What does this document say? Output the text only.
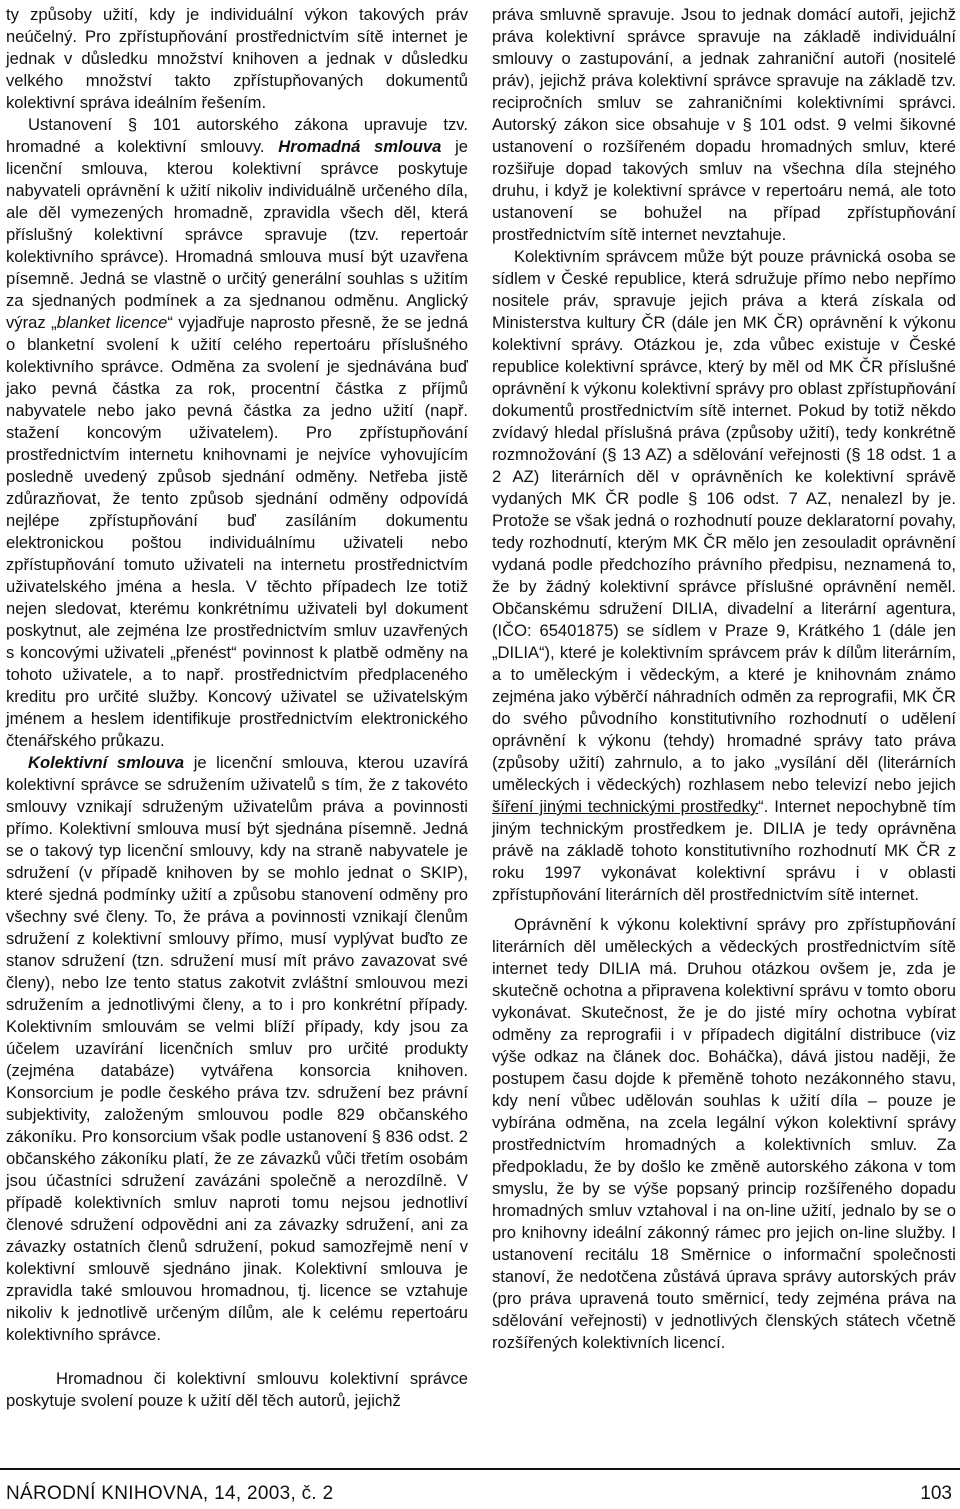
ty způsoby užití, kdy je individuální výkon takových práv neúčelný. Pro zpřístupňování prostřednictvím sítě internet je jednak v důsledku množství knihoven a jednak v důsledku velkého množství takto zpřístupňovaných dokumentů kolektivní správa ideálním řešením.

Ustanovení § 101 autorského zákona upravuje tzv. hromadné a kolektivní smlouvy. Hromadná smlouva je licenční smlouva, kterou kolektivní správce poskytuje nabyvateli oprávnění k užití nikoliv individuálně určeného díla, ale děl vymezených hromadně, zpravidla všech děl, která příslušný kolektivní správce spravuje (tzv. repertoár kolektivního správce). Hromadná smlouva musí být uzavřena písemně. Jedná se vlastně o určitý generální souhlas s užitím za sjednaných podmínek a za sjednanou odměnu. Anglický výraz „blanket licence“ vyjadřuje naprosto přesně, že se jedná o blanketní svolení k užití celého repertoáru příslušného kolektivního správce. Odměna za svolení je sjednávána buď jako pevná částka za rok, procentní částka z příjmů nabyvatele nebo jako pevná částka za jedno užití (např. stažení koncovým uživatelem). Pro zpřístupňování prostřednictvím internetu knihovnami je nejvíce vyhovujícím posledně uvedený způsob sjednání odměny. Netřeba jistě zdůrazňovat, že tento způsob sjednání odměny odpovídá nejlépe zpřístupňování buď zasíláním dokumentu elektronickou poštou individuálnímu uživateli nebo zpřístupňování tomuto uživateli na internetu prostřednictvím uživatelského jména a hesla. V těchto případech lze totiž nejen sledovat, kterému konkrétnímu uživateli byl dokument poskytnut, ale zejména lze prostřednictvím smluv uzavřených s koncovými uživateli „přenést“ povinnost k platbě odměny na tohoto uživatele, a to např. prostřednictvím předplaceného kreditu pro určité služby. Koncový uživatel se uživatelským jménem a heslem identifikuje prostřednictvím elektronického čtenářského průkazu.

Kolektivní smlouva je licenční smlouva, kterou uzavírá kolektivní správce se sdružením uživatelů s tím, že z takovéto smlouvy vznikají sdruženým uživatelům práva a povinnosti přímo. Kolektivní smlouva musí být sjednána písemně. Jedná se o takový typ licenční smlouvy, kdy na straně nabyvatele je sdružení (v případě knihoven by se mohlo jednat o SKIP), které sjedná podmínky užití a způsobu stanovení odměny pro všechny své členy. To, že práva a povinnosti vznikají členům sdružení z kolektivní smlouvy přímo, musí vyplývat buďto ze stanov sdružení (tzn. sdružení musí mít právo zavazovat své členy), nebo lze tento status zakotvit zvláštní smlouvou mezi sdružením a jednotlivými členy, a to i pro konkrétní případy. Kolektivním smlouvám se velmi blíží případy, kdy jsou za účelem uzavírání licenčních smluv pro určité produkty (zejména databáze) vytvářena konsorcia knihoven. Konsorcium je podle českého práva tzv. sdružení bez právní subjektivity, založeným smlouvou podle 829 občanského zákoníku. Pro konsorcium však podle ustanovení § 836 odst. 2 občanského zákoníku platí, že ze závazků vůči třetím osobám jsou účastníci sdružení zavázáni společně a nerozdílně. V případě kolektivních smluv naproti tomu nejsou jednotliví členové sdružení odpovědni ani za závazky sdružení, ani za závazky ostatních členů sdružení, pokud samozřejmě není v kolektivní smlouvě sjednáno jinak. Kolektivní smlouva je zpravidla také smlouvou hromadnou, tj. licence se vztahuje nikoliv k jednotlivě určeným dílům, ale k celému repertoáru kolektivního správce.

Hromadnou či kolektivní smlouvu kolektivní správce poskytuje svolení pouze k užití děl těch autorů, jejichž

práva smluvně spravuje. Jsou to jednak domácí autoři, jejichž práva kolektivní správce spravuje na základě individuální smlouvy o zastupování, a jednak zahraniční autoři (nositelé práv), jejichž práva kolektivní správce spravuje na základě tzv. recipročních smluv se zahraničními kolektivními správci. Autorský zákon sice obsahuje v § 101 odst. 9 velmi šikovné ustanovení o rozšířeném dopadu hromadných smluv, které rozšiřuje dopad takových smluv na všechna díla stejného druhu, i když je kolektivní správce v repertoáru nemá, ale toto ustanovení se bohužel na případ zpřístupňování prostřednictvím sítě internet nevztahuje.

Kolektivním správcem může být pouze právnická osoba se sídlem v České republice, která sdružuje přímo nebo nepřímo nositele práv, spravuje jejich práva a která získala od Ministerstva kultury ČR (dále jen MK ČR) oprávnění k výkonu kolektivní správy. Otázkou je, zda vůbec existuje v České republice kolektivní správce, který by měl od MK ČR příslušné oprávnění k výkonu kolektivní správy pro oblast zpřístupňování dokumentů prostřednictvím sítě internet. Pokud by totiž někdo zvídavý hledal příslušná práva (způsoby užití), tedy konkrétně rozmnožování (§ 13 AZ) a sdělování veřejnosti (§ 18 odst. 1 a 2 AZ) literárních děl v oprávněních ke kolektivní správě vydaných MK ČR podle § 106 odst. 7 AZ, nenalezl by je. Protože se však jedná o rozhodnutí pouze deklaratorní povahy, tedy rozhodnutí, kterým MK ČR mělo jen zesouladit oprávnění vydaná podle předchozího právního předpisu, neznamená to, že by žádný kolektivní správce příslušné oprávnění neměl. Občanskému sdružení DILIA, divadelní a literární agentura, (IČO: 65401875) se sídlem v Praze 9, Krátkého 1 (dále jen „DILIA“), které je kolektivním správcem práv k dílům literárním, a to uměleckým i vědeckým, a které je knihovnám známo zejména jako výběrčí náhradních odměn za reprografii, MK ČR do svého původního konstitutivního rozhodnutí o udělení oprávnění k výkonu (tehdy) hromadné správy tato práva (způsoby užití) zahrnulo, a to jako „vysílání děl (literárních uměleckých i vědeckých) rozhlasem nebo televizí nebo jejich šíření jinými technickými prostředky“. Internet nepochybně tím jiným technickým prostředkem je. DILIA je tedy oprávněna právě na základě tohoto konstitutivního rozhodnutí MK ČR z roku 1997 vykonávat kolektivní správu i v oblasti zpřístupňování literárních děl prostřednictvím sítě internet.

Oprávnění k výkonu kolektivní správy pro zpřístupňování literárních děl uměleckých a vědeckých prostřednictvím sítě internet tedy DILIA má. Druhou otázkou ovšem je, zda je skutečně ochotna a připravena kolektivní správu v tomto oboru vykonávat. Skutečnost, že je do jisté míry ochotna vybírat odměny za reprografii i v případech digitální distribuce (viz výše odkaz na článek doc. Boháčka), dává jistou naději, že postupem času dojde k přeměně tohoto nezákonného stavu, kdy není vůbec udělován souhlas k užití díla – pouze je vybírána odměna, na zcela legální výkon kolektivní správy prostřednictvím hromadných a kolektivních smluv. Za předpokladu, že by došlo ke změně autorského zákona v tom smyslu, že by se výše popsaný princip rozšířeného dopadu hromadných smluv vztahoval i na on-line užití, jednalo by se o pro knihovny ideální zákonný rámec pro jejich on-line služby. I ustanovení recitálu 18 Směrnice o informační společnosti stanoví, že nedotčena zůstává úprava správy autorských práv (pro práva upravená touto směrnicí, tedy zejména práva na sdělování veřejnosti) v jednotlivých členských státech včetně rozšířených kolektivních licencí.

NÁRODNÍ KNIHOVNA, 14, 2003, č. 2	103
